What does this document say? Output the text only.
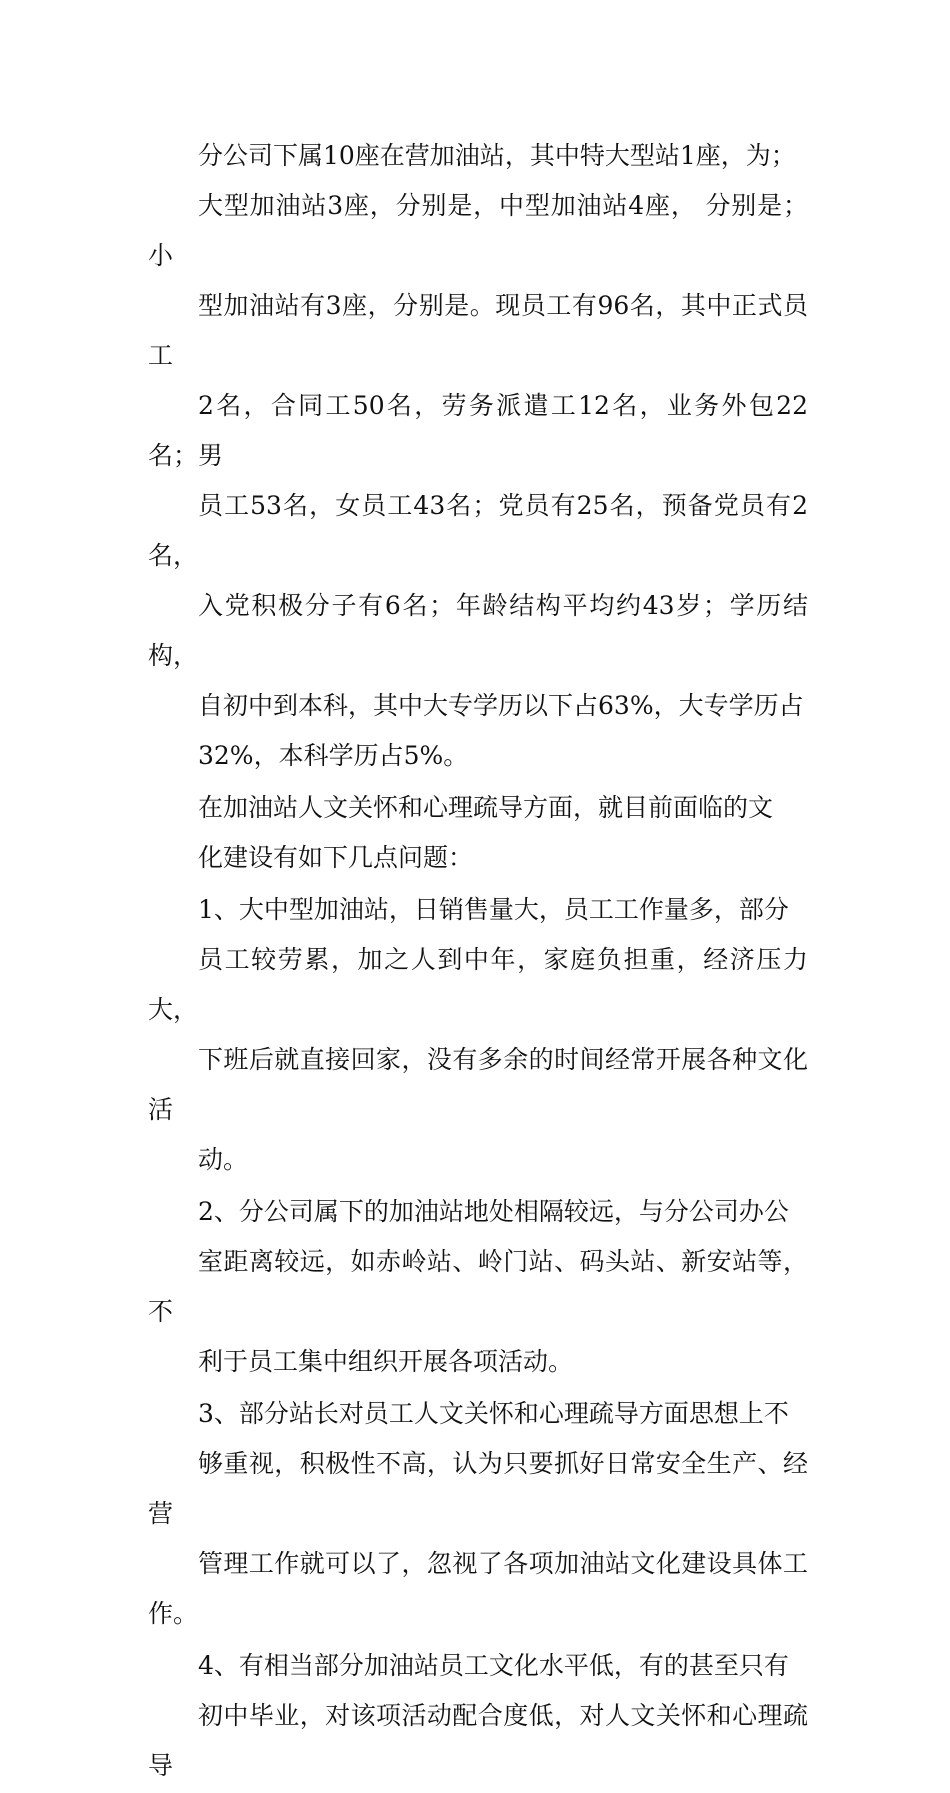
分公司下属10座在营加油站，其中特大型站1座，为；
大型加油站3座，分别是，中型加油站4座， 分别是；小
型加油站有3座，分别是。现员工有96名，其中正式员工
2名，合同工50名，劳务派遣工12名，业务外包22名；男
员工53名，女员工43名；党员有25名，预备党员有2名，
入党积极分子有6名；年龄结构平均约43岁；学历结构，
自初中到本科，其中大专学历以下占63%，大专学历占
32%，本科学历占5%。

在加油站人文关怀和心理疏导方面，就目前面临的文
化建设有如下几点问题：

1、大中型加油站，日销售量大，员工工作量多，部分
员工较劳累，加之人到中年，家庭负担重，经济压力大，
下班后就直接回家，没有多余的时间经常开展各种文化活
动。

2、分公司属下的加油站地处相隔较远，与分公司办公
室距离较远，如赤岭站、岭门站、码头站、新安站等，不
利于员工集中组织开展各项活动。

3、部分站长对员工人文关怀和心理疏导方面思想上不
够重视，积极性不高，认为只要抓好日常安全生产、经营
管理工作就可以了，忽视了各项加油站文化建设具体工作。

4、有相当部分加油站员工文化水平低，有的甚至只有
初中毕业，对该项活动配合度低，对人文关怀和心理疏导
